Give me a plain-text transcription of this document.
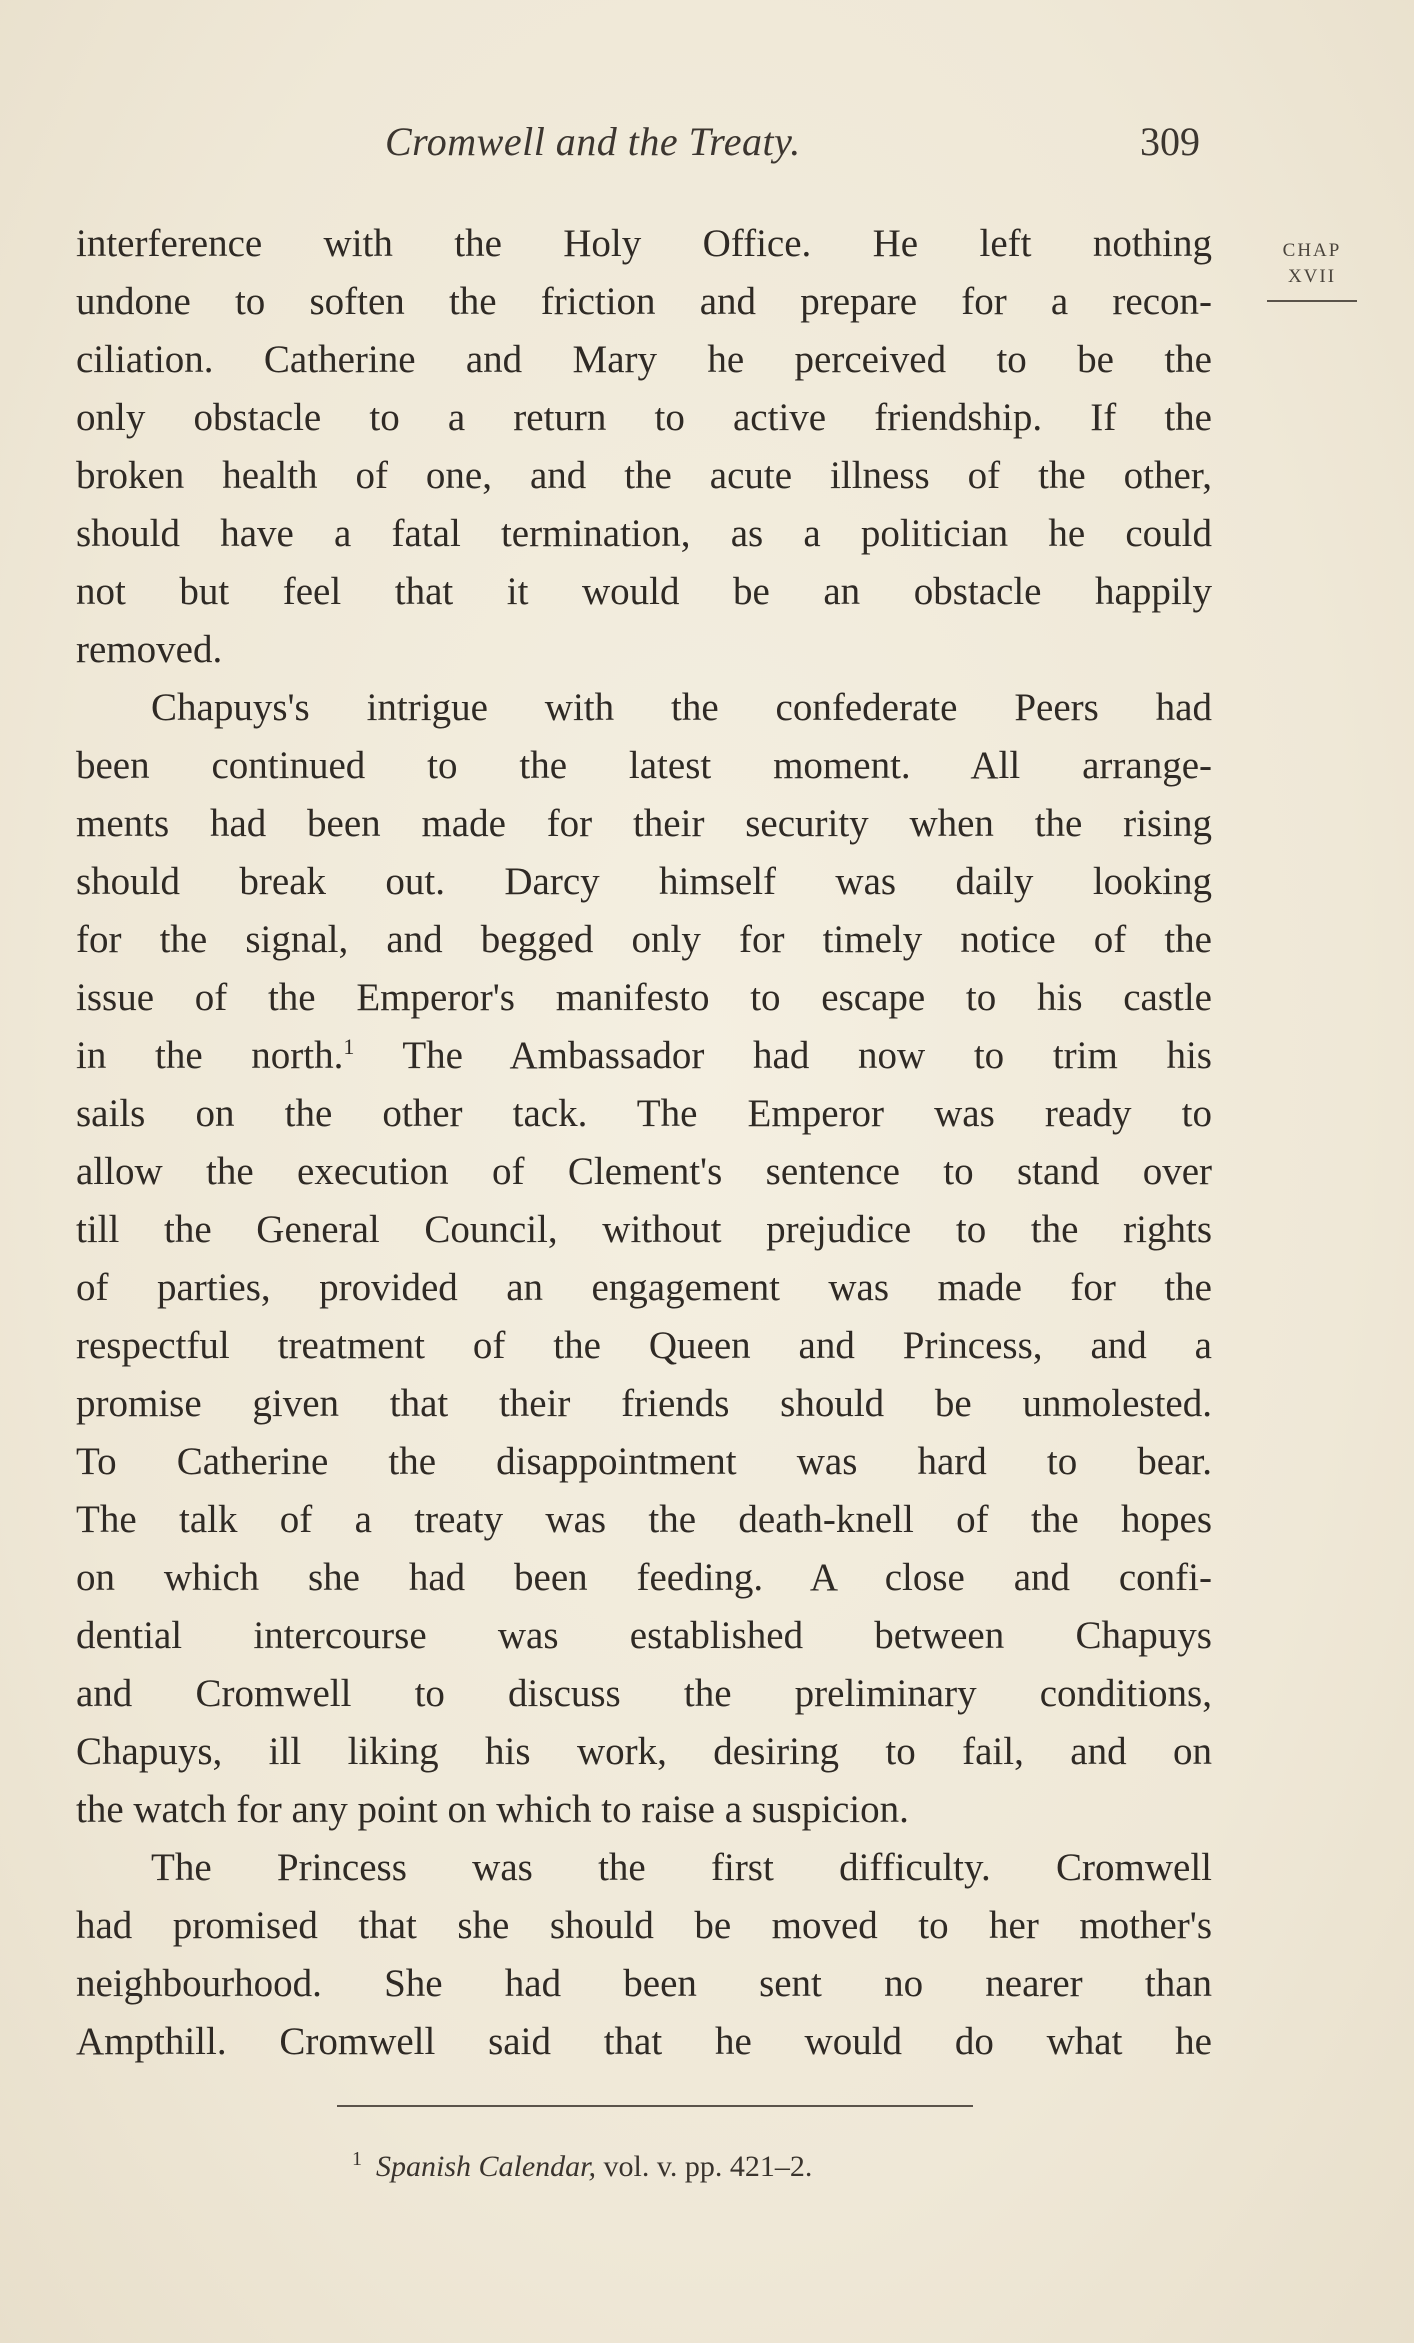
Cromwell and the Treaty.	309
CHAP
XVII
interference with the Holy Office. He left nothing
undone to soften the friction and prepare for a recon-
ciliation. Catherine and Mary he perceived to be the
only obstacle to a return to active friendship. If the
broken health of one, and the acute illness of the other,
should have a fatal termination, as a politician he could
not but feel that it would be an obstacle happily
removed.
Chapuys's intrigue with the confederate Peers had
been continued to the latest moment. All arrange-
ments had been made for their security when the rising
should break out. Darcy himself was daily looking
for the signal, and begged only for timely notice of the
issue of the Emperor's manifesto to escape to his castle
in the north.$^1$ The Ambassador had now to trim his
sails on the other tack. The Emperor was ready to
allow the execution of Clement's sentence to stand over
till the General Council, without prejudice to the rights
of parties, provided an engagement was made for the
respectful treatment of the Queen and Princess, and a
promise given that their friends should be unmolested.
To Catherine the disappointment was hard to bear.
The talk of a treaty was the death-knell of the hopes
on which she had been feeding. A close and confi-
dential intercourse was established between Chapuys
and Cromwell to discuss the preliminary conditions,
Chapuys, ill liking his work, desiring to fail, and on
the watch for any point on which to raise a suspicion.
The Princess was the first difficulty. Cromwell
had promised that she should be moved to her mother's
neighbourhood. She had been sent no nearer than
Ampthill. Cromwell said that he would do what he
$^1$ Spanish Calendar, vol. v. pp. 421–2.
